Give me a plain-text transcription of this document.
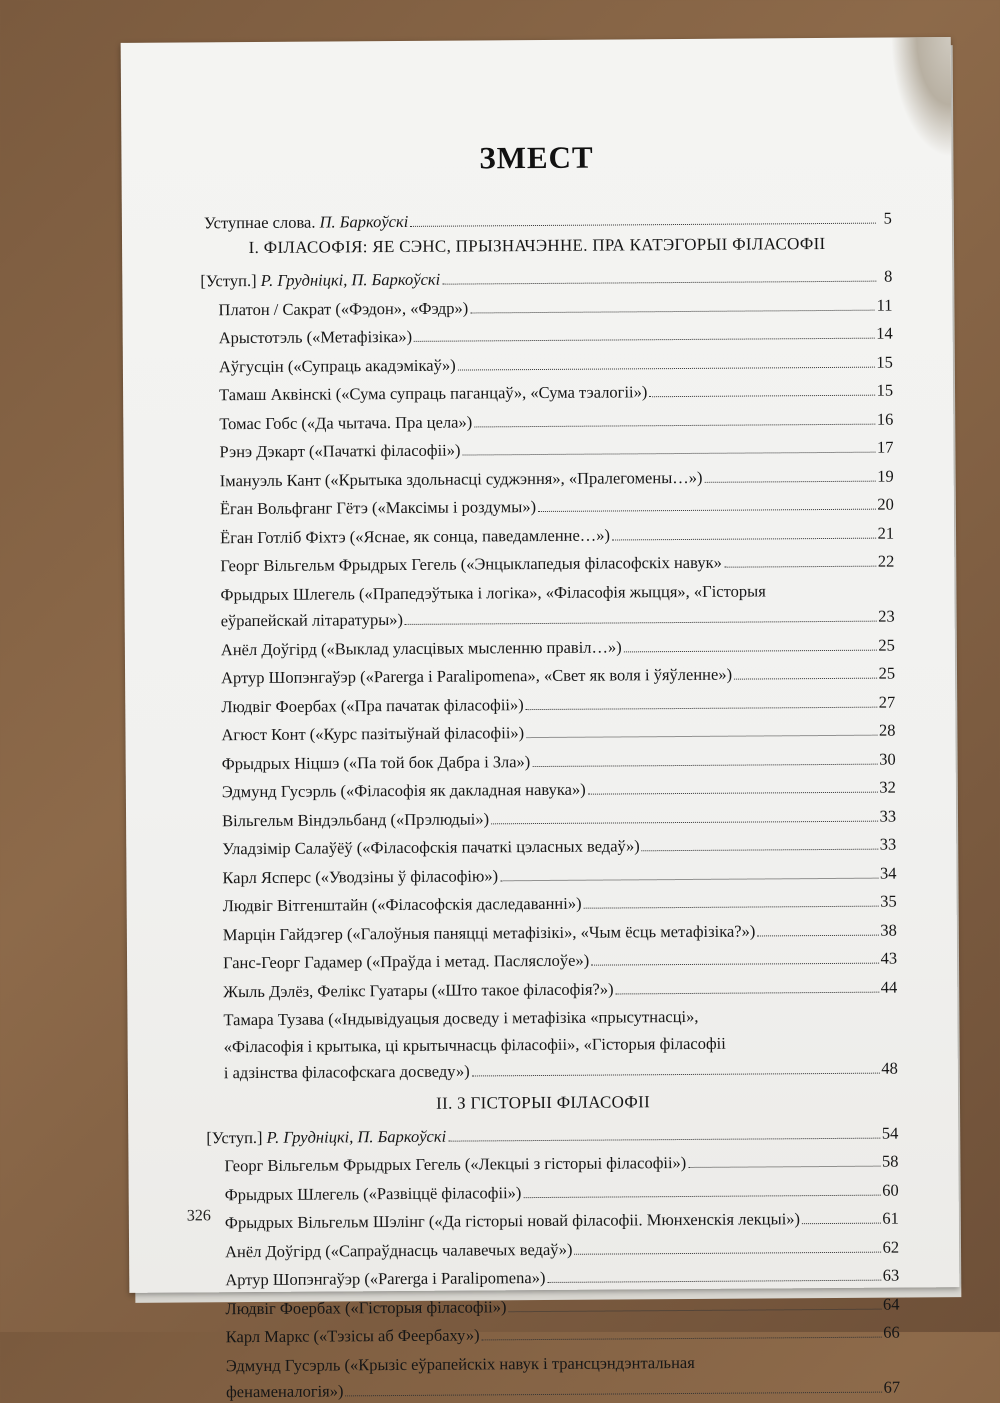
ЗМЕСТ
Уступнае слова. П. Баркоўскі	5
І. ФІЛАСОФІЯ: ЯЕ СЭНС, ПРЫЗНАЧЭННЕ. ПРА КАТЭГОРЫІ ФІЛАСОФІІ
[Уступ.] Р. Грудніцкі, П. Баркоўскі	8
Платон / Сакрат («Фэдон», «Фэдр»)	11
Арыстотэль («Метафізіка»)	14
Аўгусцін («Супраць акадэмікаў»)	15
Тамаш Аквінскі («Сума супраць паганцаў», «Сума тэалогіі»)	15
Томас Гобс («Да чытача. Пра цела»)	16
Рэнэ Дэкарт («Пачаткі філасофіі»)	17
Імануэль Кант («Крытыка здольнасці суджэння», «Пралегомены…»)	19
Ёган Вольфганг Гётэ («Максімы і роздумы»)	20
Ёган Готліб Фіхтэ («Яснае, як сонца, паведамленне…»)	21
Георг Вільгельм Фрыдрых Гегель («Энцыклапедыя філасофскіх навук»	22
Фрыдрых Шлегель («Прапедэўтыка і логіка», «Філасофія жыцця», «Гісторыя
еўрапейскай літаратуры»)	23
Анёл Доўгірд («Выклад уласцівых мысленню правіл…»)	25
Артур Шопэнгаўэр («Parerga і Paralipomena», «Свет як воля і ўяўленне»)	25
Людвіг Фоербах («Пра пачатак філасофіі»)	27
Агюст Конт («Курс пазітыўнай філасофіі»)	28
Фрыдрых Ніцшэ («Па той бок Дабра і Зла»)	30
Эдмунд Гусэрль («Філасофія як дакладная навука»)	32
Вільгельм Віндэльбанд («Прэлюдыі»)	33
Уладзімір Салаўёў («Філасофскія пачаткі цэласных ведаў»)	33
Карл Ясперс («Уводзіны ў філасофію»)	34
Людвіг Вітгенштайн («Філасофскія даследаванні»)	35
Марцін Гайдэгер («Галоўныя паняцці метафізікі», «Чым ёсць метафізіка?»)	38
Ганс-Георг Гадамер («Праўда і метад. Пасляслоўе»)	43
Жыль Дэлёз, Фелікс Гуатары («Што такое філасофія?»)	44
Тамара Тузава («Індывідуацыя досведу і метафізіка «прысутнасці»,
«Філасофія і крытыка, ці крытычнасць філасофіі», «Гісторыя філасофіі
і адзінства філасофскага досведу»)	48
ІІ. З ГІСТОРЫІ ФІЛАСОФІІ
[Уступ.] Р. Грудніцкі, П. Баркоўскі	54
Георг Вільгельм Фрыдрых Гегель («Лекцыі з гісторыі філасофіі»)	58
Фрыдрых Шлегель («Развіццё філасофіі»)	60
Фрыдрых Вільгельм Шэлінг («Да гісторыі новай філасофіі. Мюнхенскія лекцыі»)	61
Анёл Доўгірд («Сапраўднасць чалавечых ведаў»)	62
Артур Шопэнгаўэр («Parerga і Paralipomena»)	63
Людвіг Фоербах («Гісторыя філасофіі»)	64
Карл Маркс («Тэзісы аб Феербаху»)	66
Эдмунд Гусэрль («Крызіс еўрапейскіх навук і трансцэндэнтальная
фенаменалогія»)	67
326
